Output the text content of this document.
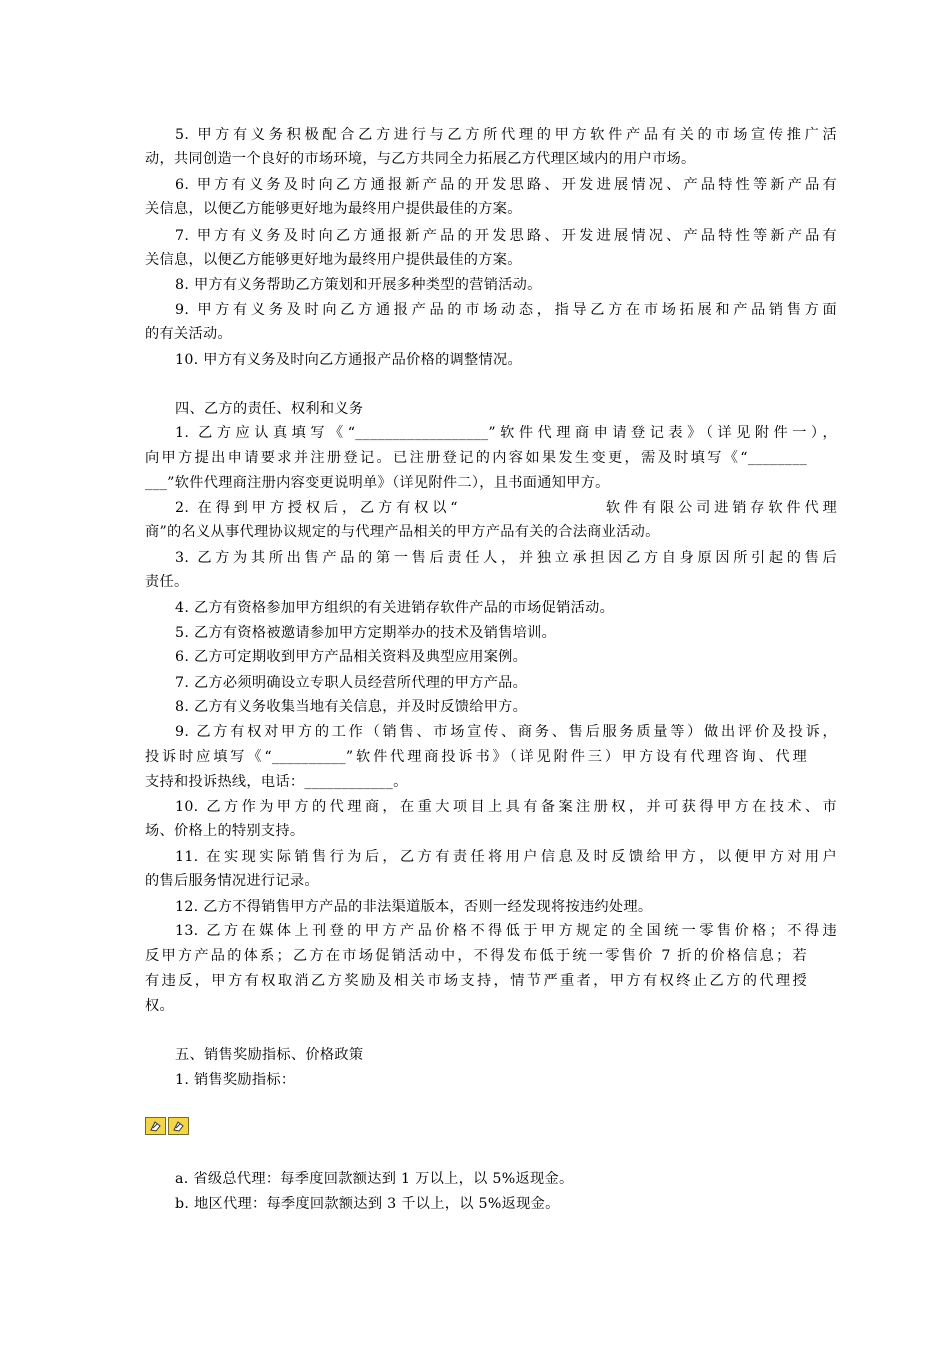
5. 甲方有义务积极配合乙方进行与乙方所代理的甲方软件产品有关的市场宣传推广活
动，共同创造一个良好的市场环境，与乙方共同全力拓展乙方代理区域内的用户市场。
6. 甲方有义务及时向乙方通报新产品的开发思路、开发进展情况、产品特性等新产品有
关信息，以便乙方能够更好地为最终用户提供最佳的方案。
7. 甲方有义务及时向乙方通报新产品的开发思路、开发进展情况、产品特性等新产品有
关信息，以便乙方能够更好地为最终用户提供最佳的方案。
8. 甲方有义务帮助乙方策划和开展多种类型的营销活动。
9. 甲方有义务及时向乙方通报产品的市场动态，指导乙方在市场拓展和产品销售方面
的有关活动。
10. 甲方有义务及时向乙方通报产品价格的调整情况。
四、乙方的责任、权利和义务
1. 乙方应认真填写《“__________________”软件代理商申请登记表》（详见附件一），
向甲方提出申请要求并注册登记。已注册登记的内容如果发生变更，需及时填写《“________
___”软件代理商注册内容变更说明单》（详见附件二），且书面通知甲方。
2. 在得到甲方授权后，乙方有权以“　　　　　　　　软件有限公司进销存软件代理
商”的名义从事代理协议规定的与代理产品相关的甲方产品有关的合法商业活动。
3. 乙方为其所出售产品的第一售后责任人，并独立承担因乙方自身原因所引起的售后
责任。
4. 乙方有资格参加甲方组织的有关进销存软件产品的市场促销活动。
5. 乙方有资格被邀请参加甲方定期举办的技术及销售培训。
6. 乙方可定期收到甲方产品相关资料及典型应用案例。
7. 乙方必须明确设立专职人员经营所代理的甲方产品。
8. 乙方有义务收集当地有关信息，并及时反馈给甲方。
9. 乙方有权对甲方的工作（销售、市场宣传、商务、售后服务质量等）做出评价及投诉，
投诉时应填写《“__________”软件代理商投诉书》（详见附件三）甲方设有代理咨询、代理
支持和投诉热线，电话：____________。
10. 乙方作为甲方的代理商，在重大项目上具有备案注册权，并可获得甲方在技术、市
场、价格上的特别支持。
11. 在实现实际销售行为后，乙方有责任将用户信息及时反馈给甲方，以便甲方对用户
的售后服务情况进行记录。
12. 乙方不得销售甲方产品的非法渠道版本，否则一经发现将按违约处理。
13. 乙方在媒体上刊登的甲方产品价格不得低于甲方规定的全国统一零售价格；不得违
反甲方产品的体系；乙方在市场促销活动中，不得发布低于统一零售价 7 折的价格信息；若
有违反，甲方有权取消乙方奖励及相关市场支持，情节严重者，甲方有权终止乙方的代理授
权。
五、销售奖励指标、价格政策
1. 销售奖励指标：
a. 省级总代理：每季度回款额达到 1 万以上，以 5%返现金。
b. 地区代理：每季度回款额达到 3 千以上，以 5%返现金。
